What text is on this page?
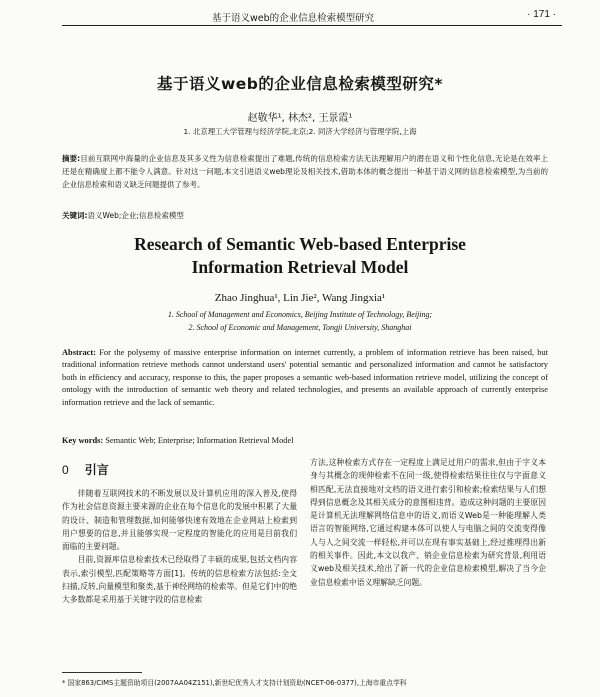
基于语义web的企业信息检索模型研究	· 171 ·
基于语义web的企业信息检索模型研究*
赵敬华¹, 林杰², 王景霞¹
1. 北京理工大学管理与经济学院,北京;2. 同济大学经济与管理学院,上海
摘要:目前互联网中海量的企业信息及其多义性为信息检索提出了难题,传统的信息检索方法无法理解用户的潜在语义和个性化信息,无论是在效率上还是在精确度上都不能令人满意。针对这一问题,本文引进语义web理论及相关技术,借助本体的概念提出一种基于语义网的信息检索模型,为当前的企业信息检索和语义缺乏问题提供了参考。
关键词:语义Web;企业;信息检索模型
Research of Semantic Web-based Enterprise
Information Retrieval Model
Zhao Jinghua¹, Lin Jie², Wang Jingxia¹
1. School of Management and Economics, Beijing Institute of Technology, Beijing;
2. School of Economic and Management, Tongji University, Shanghai
Abstract: For the polysemy of massive enterprise information on internet currently, a problem of information retrieve has been raised, but traditional information retrieve methods cannot understand users' potential semantic and personalized information and cannot be satisfactory both in efficiency and accuracy, response to this, the paper proposes a semantic web-based information retrieve model, utilizing the concept of ontology with the introduction of semantic web theory and related technologies, and presents an available approach of currently enterprise information retrieve and the lack of semantic.
Key words: Semantic Web; Enterprise; Information Retrieval Model
0 引言

伴随着互联网技术的不断发展以及计算机应用的深入普及,使得作为社会信息资源主要来源的企业在每个信息化的发展中积累了大量的设计、制造和管理数据,如何能够快速有效地在企业网站上检索到用户想要的信息,并且能够实现一定程度的智能化的应用是目前我们面临的主要问题。

目前,资源库信息检索技术已经取得了丰硕的成果,包括文档内容表示,索引模型,匹配策略等方面[1]。传统的信息检索方法包括:全文扫描,反转,向量模型和聚类,基于神经网络的检索等。但是它们中的绝大多数都是采用基于关键字段的信息检索

方法,这种检索方式存在一定程度上满足过用户的需求,但由于字义本身与其概念的现伸检索不在同一级,使得检索结果往往仅与字面意义相匹配,无法直接地对文档的语义进行索引和检索;检索结果与人们想得到信息概念及其相关成分的意图相违背。造成这种问题的主要原因是计算机无法理解网络信息中的语义,而语义Web是一种能理解人类语言的智能网络,它通过构建本体可以使人与电脑之间的交流变得像人与人之间交流一样轻松,并可以在现有事实基础上,经过推理得出新的相关事件。因此,本文以我产、销企业信息检索为研究背景,利用语义web及相关技术,给出了新一代的企业信息检索模型,解决了当今企业信息检索中语义理解缺乏问题。

* 国家863/CIMS主题资助项目(2007AA04Z151),新世纪优秀人才支持计划资助(NCET-06-0377),上海市重点学科
